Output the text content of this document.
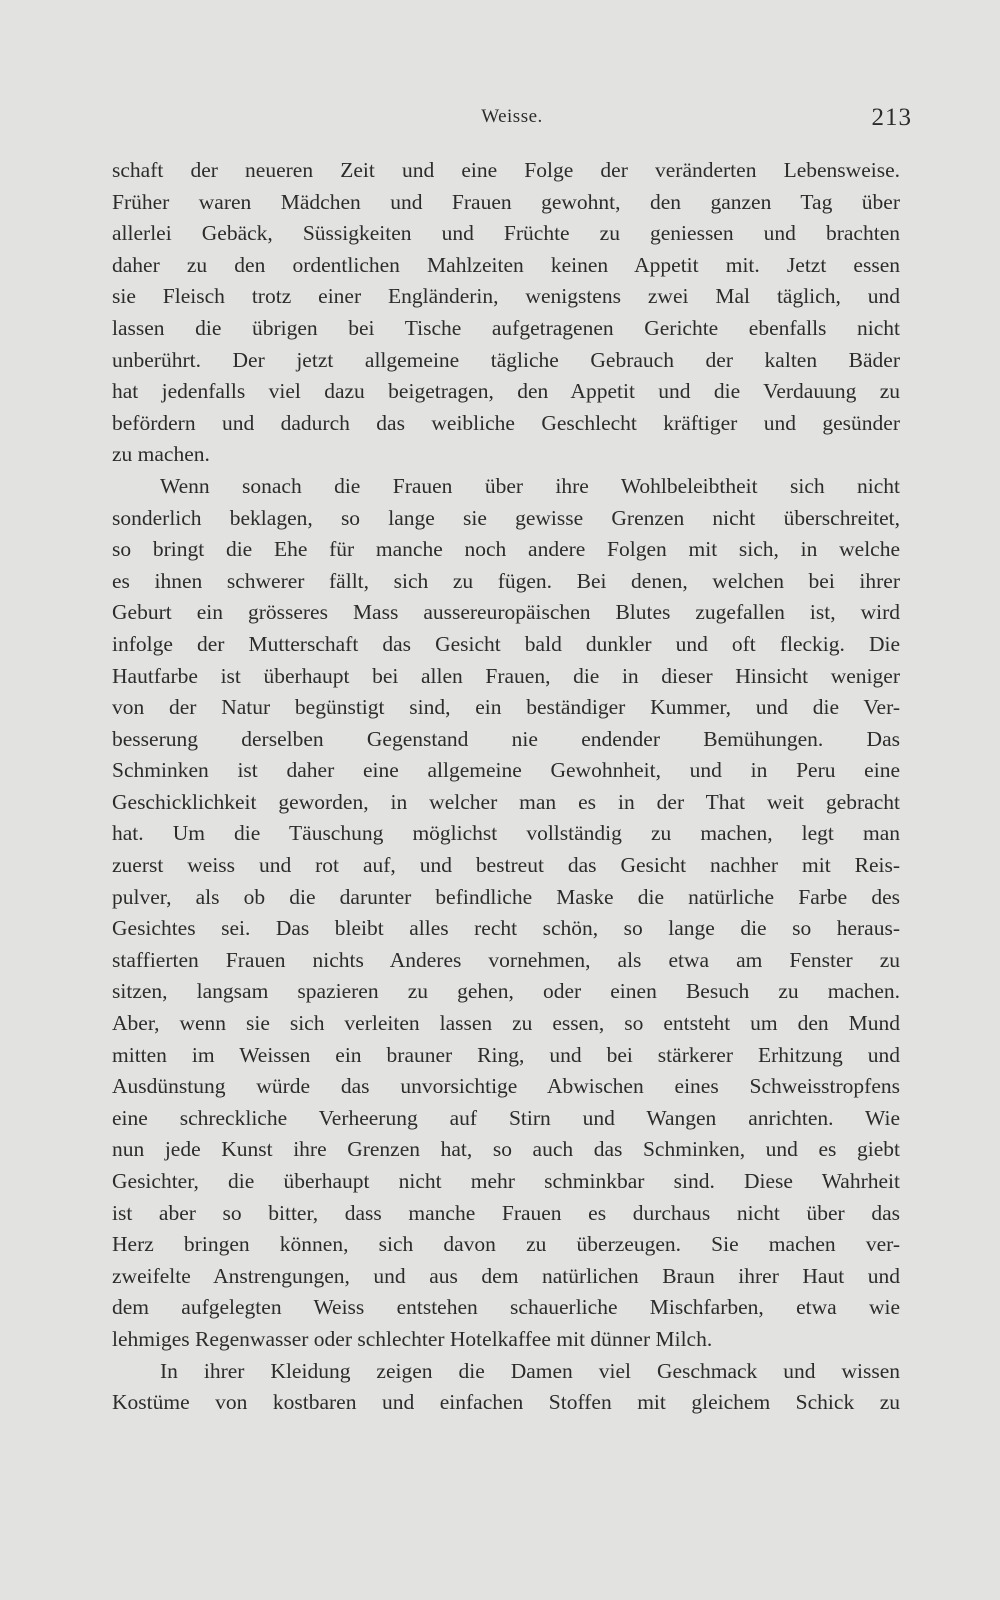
Weisse.	213
schaft der neueren Zeit und eine Folge der veränderten Lebensweise.
Früher waren Mädchen und Frauen gewohnt, den ganzen Tag über
allerlei Gebäck, Süssigkeiten und Früchte zu geniessen und brachten
daher zu den ordentlichen Mahlzeiten keinen Appetit mit. Jetzt essen
sie Fleisch trotz einer Engländerin, wenigstens zwei Mal täglich, und
lassen die übrigen bei Tische aufgetragenen Gerichte ebenfalls nicht
unberührt. Der jetzt allgemeine tägliche Gebrauch der kalten Bäder
hat jedenfalls viel dazu beigetragen, den Appetit und die Verdauung zu
befördern und dadurch das weibliche Geschlecht kräftiger und gesünder
zu machen.
Wenn sonach die Frauen über ihre Wohlbeleibtheit sich nicht
sonderlich beklagen, so lange sie gewisse Grenzen nicht überschreitet,
so bringt die Ehe für manche noch andere Folgen mit sich, in welche
es ihnen schwerer fällt, sich zu fügen. Bei denen, welchen bei ihrer
Geburt ein grösseres Mass aussereuropäischen Blutes zugefallen ist, wird
infolge der Mutterschaft das Gesicht bald dunkler und oft fleckig. Die
Hautfarbe ist überhaupt bei allen Frauen, die in dieser Hinsicht weniger
von der Natur begünstigt sind, ein beständiger Kummer, und die Ver-
besserung derselben Gegenstand nie endender Bemühungen. Das
Schminken ist daher eine allgemeine Gewohnheit, und in Peru eine
Geschicklichkeit geworden, in welcher man es in der That weit gebracht
hat. Um die Täuschung möglichst vollständig zu machen, legt man
zuerst weiss und rot auf, und bestreut das Gesicht nachher mit Reis-
pulver, als ob die darunter befindliche Maske die natürliche Farbe des
Gesichtes sei. Das bleibt alles recht schön, so lange die so heraus-
staffierten Frauen nichts Anderes vornehmen, als etwa am Fenster zu
sitzen, langsam spazieren zu gehen, oder einen Besuch zu machen.
Aber, wenn sie sich verleiten lassen zu essen, so entsteht um den Mund
mitten im Weissen ein brauner Ring, und bei stärkerer Erhitzung und
Ausdünstung würde das unvorsichtige Abwischen eines Schweisstropfens
eine schreckliche Verheerung auf Stirn und Wangen anrichten. Wie
nun jede Kunst ihre Grenzen hat, so auch das Schminken, und es giebt
Gesichter, die überhaupt nicht mehr schminkbar sind. Diese Wahrheit
ist aber so bitter, dass manche Frauen es durchaus nicht über das
Herz bringen können, sich davon zu überzeugen. Sie machen ver-
zweifelte Anstrengungen, und aus dem natürlichen Braun ihrer Haut und
dem aufgelegten Weiss entstehen schauerliche Mischfarben, etwa wie
lehmiges Regenwasser oder schlechter Hotelkaffee mit dünner Milch.
In ihrer Kleidung zeigen die Damen viel Geschmack und wissen
Kostüme von kostbaren und einfachen Stoffen mit gleichem Schick zu
